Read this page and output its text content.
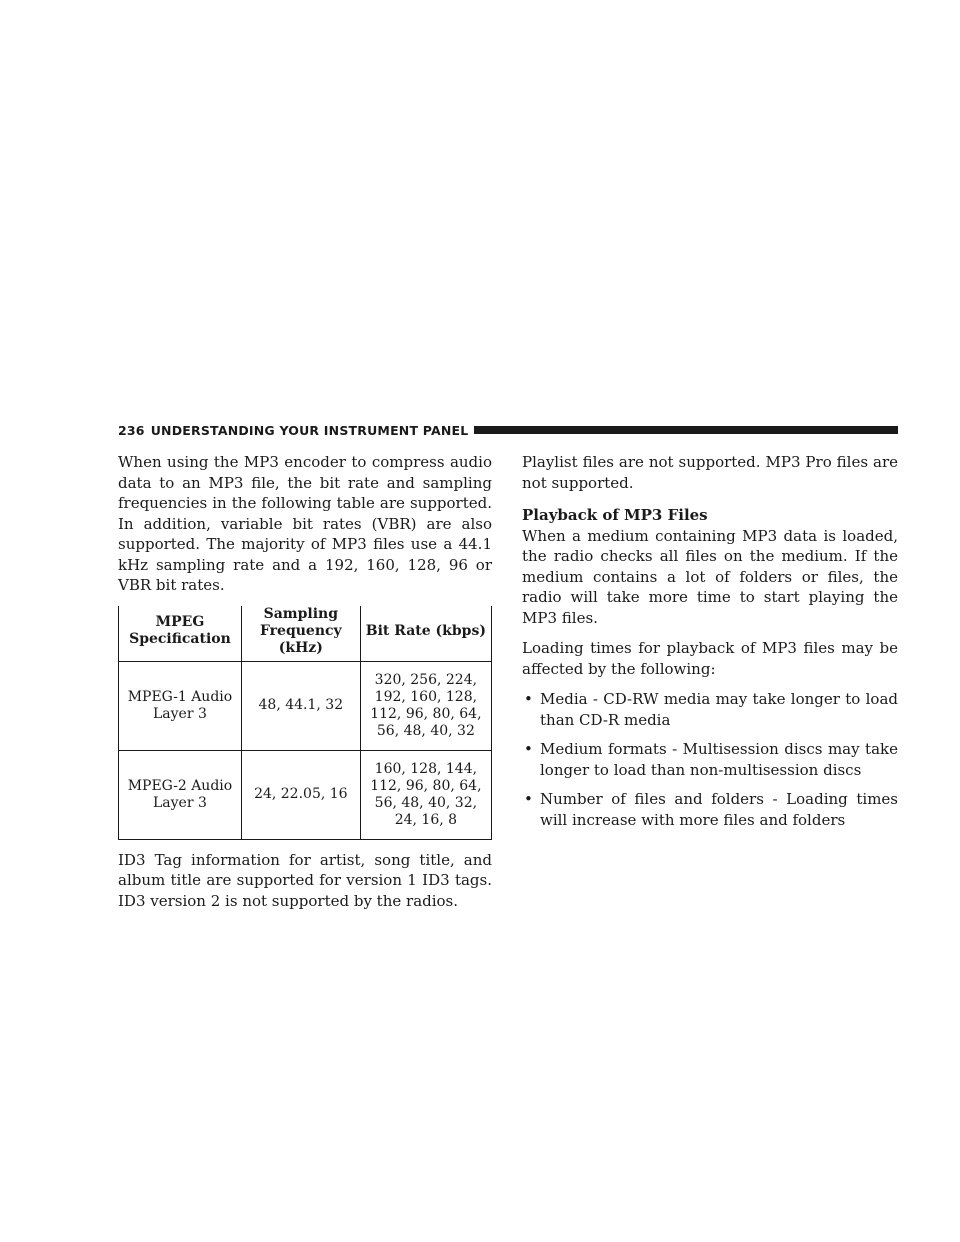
236 UNDERSTANDING YOUR INSTRUMENT PANEL

When using the MP3 encoder to compress audio data to an MP3 file, the bit rate and sampling frequencies in the following table are supported. In addition, variable bit rates (VBR) are also supported. The majority of MP3 files use a 44.1 kHz sampling rate and a 192, 160, 128, 96 or VBR bit rates.

MPEG Specification	Sampling Frequency (kHz)	Bit Rate (kbps)
MPEG-1 Audio Layer 3	48, 44.1, 32	320, 256, 224, 192, 160, 128, 112, 96, 80, 64, 56, 48, 40, 32
MPEG-2 Audio Layer 3	24, 22.05, 16	160, 128, 144, 112, 96, 80, 64, 56, 48, 40, 32, 24, 16, 8

ID3 Tag information for artist, song title, and album title are supported for version 1 ID3 tags. ID3 version 2 is not supported by the radios.

Playlist files are not supported. MP3 Pro files are not supported.

Playback of MP3 Files

When a medium containing MP3 data is loaded, the radio checks all files on the medium. If the medium contains a lot of folders or files, the radio will take more time to start playing the MP3 files.

Loading times for playback of MP3 files may be affected by the following:

• Media - CD-RW media may take longer to load than CD-R media
• Medium formats - Multisession discs may take longer to load than non-multisession discs
• Number of files and folders - Loading times will increase with more files and folders
